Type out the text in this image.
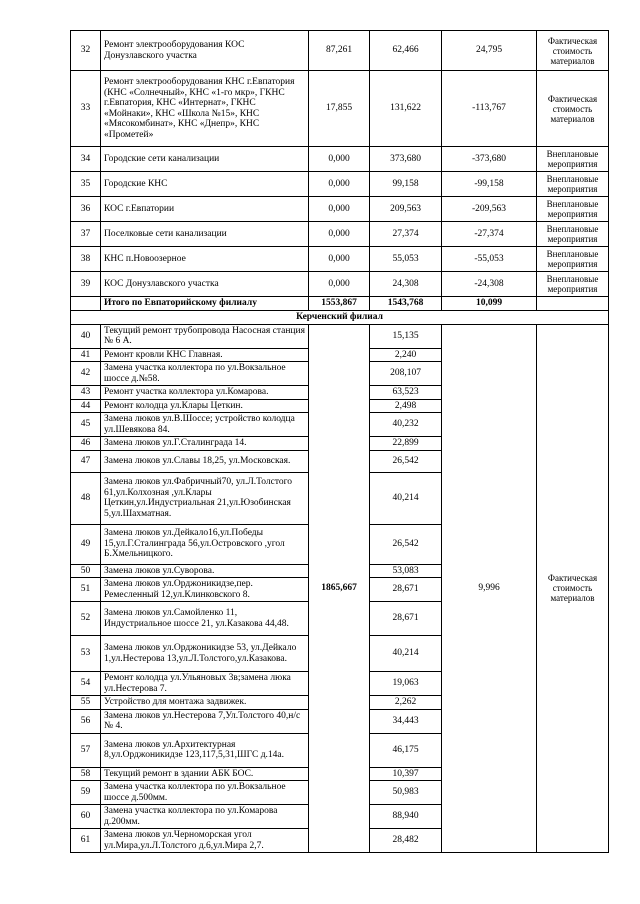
32	Ремонт электрооборудования КОС Донузлавского участка	87,261	62,466	24,795	Фактическая стоимость материалов
33	Ремонт электрооборудования КНС г.Евпатория (КНС «Солнечный», КНС «1-го мкр», ГКНС г.Евпатория, КНС «Интернат», ГКНС «Мойнаки», КНС «Школа №15», КНС «Мясокомбинат», КНС «Днепр», КНС «Прометей»	17,855	131,622	-113,767	Фактическая стоимость материалов
34	Городские сети канализации	0,000	373,680	-373,680	Внеплановые мероприятия
35	Городские КНС	0,000	99,158	-99,158	Внеплановые мероприятия
36	КОС г.Евпатории	0,000	209,563	-209,563	Внеплановые мероприятия
37	Поселковые сети канализации	0,000	27,374	-27,374	Внеплановые мероприятия
38	КНС п.Новоозерное	0,000	55,053	-55,053	Внеплановые мероприятия
39	КОС Донузлавского участка	0,000	24,308	-24,308	Внеплановые мероприятия
	Итого по Евпаторийскому филиалу	1553,867	1543,768	10,099	
Керченский филиал					
40	Текущий ремонт трубопровода Насосная станция № 6 А.	1865,667	15,135	9,996	Фактическая стоимость материалов
41	Ремонт кровли КНС Главная.		2,240		
42	Замена участка коллектора по ул.Вокзальное шоссе д.№58.		208,107		
43	Ремонт участка коллектора ул.Комарова.		63,523		
44	Ремонт колодца ул.Клары Цеткин.		2,498		
45	Замена люков ул.В.Шоссе; устройство колодца ул.Шевякова 84.		40,232		
46	Замена люков ул.Г.Сталинграда 14.		22,899		
47	Замена люков ул.Славы 18,25, ул.Московская.		26,542		
48	Замена люков ул.Фабричный70, ул.Л.Толстого 61,ул.Колхозная ,ул.Клары Цеткин,ул.Индустриальная 21,ул.Юзобинская 5,ул.Шахматная.		40,214		
49	Замена люков ул.Дейкало16,ул.Победы 15,ул.Г.Сталинграда 56,ул.Островского ,угол Б.Хмельницкого.		26,542		
50	Замена люков ул.Суворова.		53,083		
51	Замена люков ул.Орджоникидзе,пер. Ремесленный 12,ул.Клинковского 8.		28,671		
52	Замена люков ул.Самойленко 11, Индустриальное шоссе 21, ул.Казакова 44,48.		28,671		
53	Замена люков ул.Орджоникидзе 53, ул.Дейкало 1,ул.Нестерова 13,ул.Л.Толстого,ул.Казакова.		40,214		
54	Ремонт колодца ул.Ульяновых 3в;замена люка ул.Нестерова 7.		19,063		
55	Устройство для монтажа задвижек.		2,262		
56	Замена люков ул.Нестерова 7,Ул.Толстого 40,н/с № 4.		34,443		
57	Замена люков ул.Архитектурная 8,ул.Орджоникидзе 123,117,5,31,ШГС д.14а.		46,175		
58	Текущий ремонт в здании АБК БОС.		10,397		
59	Замена участка коллектора по ул.Вокзальное шоссе д.500мм.		50,983		
60	Замена участка коллектора по ул.Комарова д.200мм.		88,940		
61	Замена люков ул.Черноморская угол ул.Мира,ул.Л.Толстого д.6,ул.Мира 2,7.		28,482		
